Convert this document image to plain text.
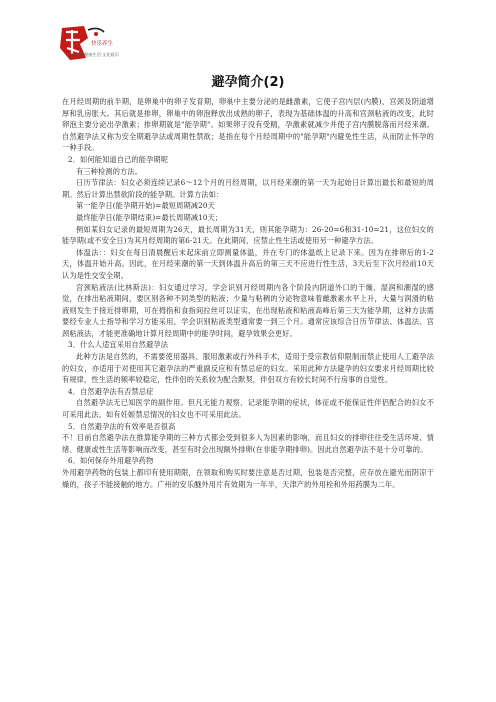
快乐养生
养生保健·健康生活·文化娱乐
避孕简介(2)

在月经周期的前半期，是卵巢中的卵子发育期，卵巢中主要分泌的是雌激素，它使子宫内层(内膜)，宫颈及阴道增厚和乳房胀大。其后就是排卵，卵巢中的卵泡释放出成熟的卵子，表现为基础体温的升高和宫颈粘液的改变，此时卵泡主要分泌出孕激素；排卵期就是"能孕期"。如果卵子没有受精，孕激素就减少并使子宫内膜脱落而月经来潮。自然避孕法又称为安全期避孕法或周期性禁欲；是指在每个月经周期中的"能孕期"内避免性生活，从而防止怀孕的一种手段。

2．如何能知道自己的能孕期呢

有三种检测的方法。

日历节律法：妇女必须连续记录6～12个月的月经周期，以月经来潮的第一天为起始日计算出最长和最短的周期。然后计算出禁欲阶段的能孕期。计算方法如：

第一能孕日(能孕期开始)=最短周期减20天

最终能孕日(能孕期结束)=最长周期减10天；

例如某妇女记录的最短周期为26天，最长周期为31天，则其能孕期为：26-20=6和31-10=21，这位妇女的能孕期(或不安全日)为其月经周期的第6-21天。在此期间，应禁止性生活或使用另一种避孕方法。

体温法：：妇女在每日清晨醒后未起床前立即测量体温，并在专门的体温纸上记录下来。因为在排卵后的1-2天，体温开始升高。因此，在月经来潮的第一天到体温升高后的第三天不应进行性生活，3天后至下次月经前10天认为是性交安全期。

宫颈粘液法(比林斯法)：妇女通过学习，学会识别月经周期内各个阶段内阴道外口的干燥、湿润和潮湿的感觉，在排出粘液期间，要区别各种不同类型的粘液；少量与粘稠的分泌物意味着雌激素水平上升，大量与润滑的粘液则发生于接近排卵期，可在拇指和食指间拉丝可以证实，在出现粘液和粘液高峰后第三天为能孕期，这种方法需要经专业人士指导和学习方能采用，学会识别粘液类型通常要一到三个月。通常应该综合日历节律法、体温法、宫颈粘液法，才能更准确地计算月经周期中的能孕时间，避孕效果会更好。

3．什么人适宜采用自然避孕法

此种方法是自然的，不需要使用器具、服用激素或行外科手术，适用于受宗教信仰限制而禁止使用人工避孕法的妇女，亦适用于对使用其它避孕法的严重副反应和有禁忌症的妇女。采用此种方法避孕的妇女要求月经周期比较有规律，性生活的频率较稳定，性伴侣的关系较为配合默契，伴侣双方有较长时间不行房事的自觉性。

4．自然避孕法有否禁忌症

自然避孕法无已知医学的副作用。但凡无能力观察、记录能孕期的症状，体征或不能保证性伴侣配合的妇女不可采用此法。如有妊娠禁忌情况的妇女也不可采用此法。

5．自然避孕法的有效率是否很高

不！目前自然避孕法在推算能孕期的三种方式都会受到很多人为因素的影响，而且妇女的排卵往往受生活环境、情绪、健康或性生活等影响而改变，甚至有时会出现额外排卵(在非能孕期排卵)。因此自然避孕法不是十分可靠的。

6．如何保存外用避孕药物

外用避孕药物的包装上都印有使用期限，在领取和购买时要注意是否过期，包装是否完整，应存放在避光而阴凉干燥的，孩子不能接触的地方。广州的安乐醚外用片有效期为一年半，天津产的外用栓和外用药膜为二年。
